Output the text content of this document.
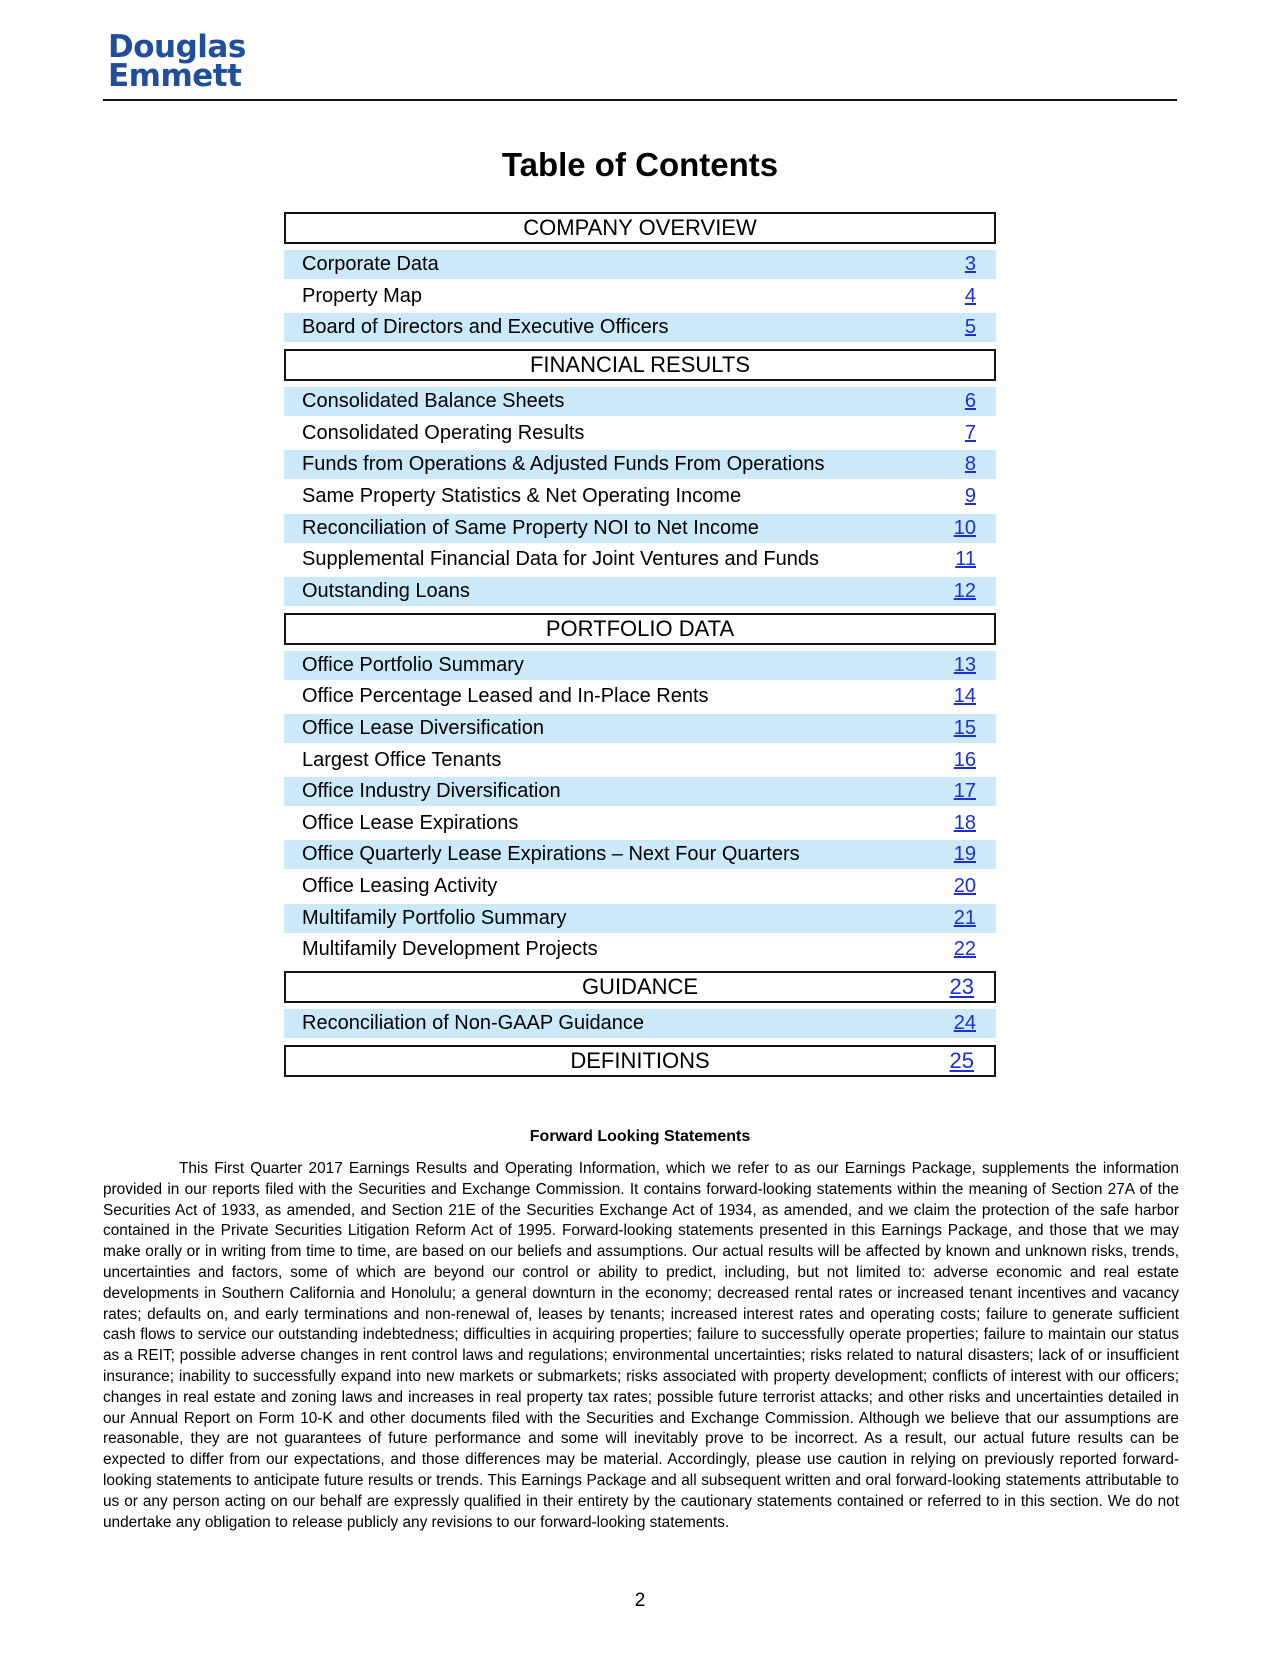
Douglas
Emmett
Table of Contents
COMPANY OVERVIEW
Corporate Data	3
Property Map	4
Board of Directors and Executive Officers	5
FINANCIAL RESULTS
Consolidated Balance Sheets	6
Consolidated Operating Results	7
Funds from Operations & Adjusted Funds From Operations	8
Same Property Statistics & Net Operating Income	9
Reconciliation of Same Property NOI to Net Income	10
Supplemental Financial Data for Joint Ventures and Funds	11
Outstanding Loans	12
PORTFOLIO DATA
Office Portfolio Summary	13
Office Percentage Leased and In-Place Rents	14
Office Lease Diversification	15
Largest Office Tenants	16
Office Industry Diversification	17
Office Lease Expirations	18
Office Quarterly Lease Expirations – Next Four Quarters	19
Office Leasing Activity	20
Multifamily Portfolio Summary	21
Multifamily Development Projects	22
GUIDANCE	23
Reconciliation of Non-GAAP Guidance	24
DEFINITIONS	25
Forward Looking Statements
This First Quarter 2017 Earnings Results and Operating Information, which we refer to as our Earnings Package, supplements the information provided in our reports filed with the Securities and Exchange Commission. It contains forward-looking statements within the meaning of Section 27A of the Securities Act of 1933, as amended, and Section 21E of the Securities Exchange Act of 1934, as amended, and we claim the protection of the safe harbor contained in the Private Securities Litigation Reform Act of 1995. Forward-looking statements presented in this Earnings Package, and those that we may make orally or in writing from time to time, are based on our beliefs and assumptions. Our actual results will be affected by known and unknown risks, trends, uncertainties and factors, some of which are beyond our control or ability to predict, including, but not limited to: adverse economic and real estate developments in Southern California and Honolulu; a general downturn in the economy; decreased rental rates or increased tenant incentives and vacancy rates; defaults on, and early terminations and non-renewal of, leases by tenants; increased interest rates and operating costs; failure to generate sufficient cash flows to service our outstanding indebtedness; difficulties in acquiring properties; failure to successfully operate properties; failure to maintain our status as a REIT; possible adverse changes in rent control laws and regulations; environmental uncertainties; risks related to natural disasters; lack of or insufficient insurance; inability to successfully expand into new markets or submarkets; risks associated with property development; conflicts of interest with our officers; changes in real estate and zoning laws and increases in real property tax rates; possible future terrorist attacks; and other risks and uncertainties detailed in our Annual Report on Form 10-K and other documents filed with the Securities and Exchange Commission. Although we believe that our assumptions are reasonable, they are not guarantees of future performance and some will inevitably prove to be incorrect. As a result, our actual future results can be expected to differ from our expectations, and those differences may be material. Accordingly, please use caution in relying on previously reported forward-looking statements to anticipate future results or trends. This Earnings Package and all subsequent written and oral forward-looking statements attributable to us or any person acting on our behalf are expressly qualified in their entirety by the cautionary statements contained or referred to in this section. We do not undertake any obligation to release publicly any revisions to our forward-looking statements.
2
